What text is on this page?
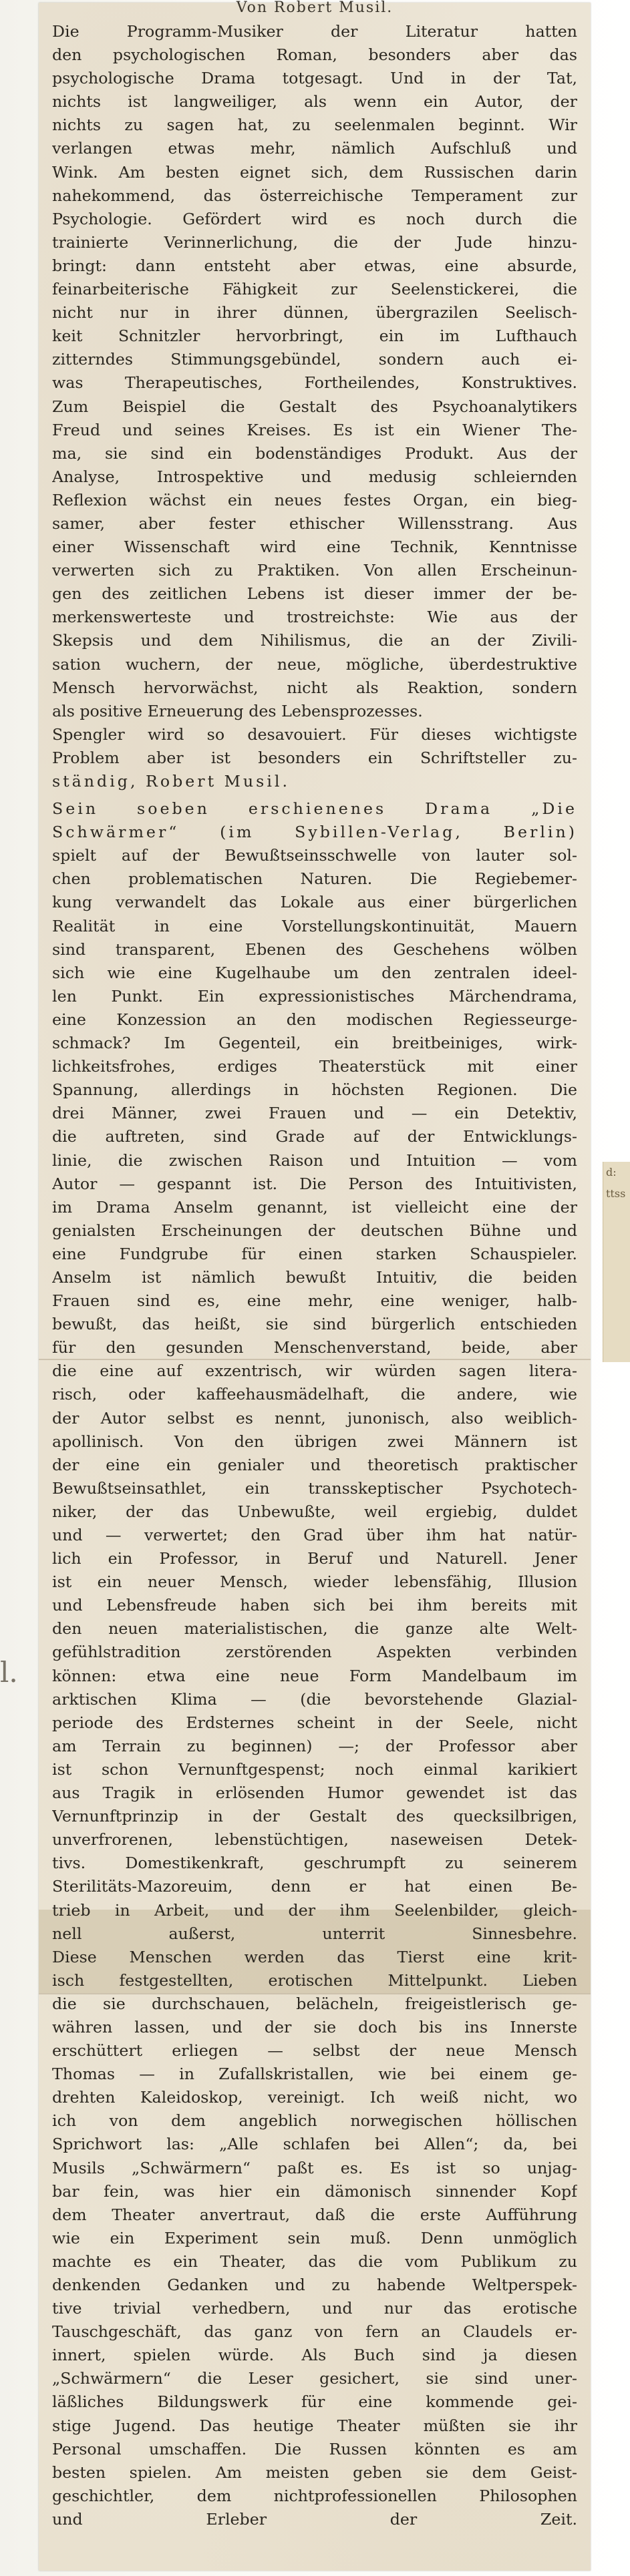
d:
ttss
l.
Von Robert Musil.
Die Programm-Musiker der Literatur hatten
den psychologischen Roman, besonders aber das
psychologische Drama totgesagt. Und in der Tat,
nichts ist langweiliger, als wenn ein Autor, der
nichts zu sagen hat, zu seelenmalen beginnt. Wir
verlangen etwas mehr, nämlich Aufschluß und
Wink. Am besten eignet sich, dem Russischen darin
nahekommend, das österreichische Temperament zur
Psychologie. Gefördert wird es noch durch die
trainierte Verinnerlichung, die der Jude hinzu-
bringt: dann entsteht aber etwas, eine absurde,
feinarbeiterische Fähigkeit zur Seelenstickerei, die
nicht nur in ihrer dünnen, übergrazilen Seelisch-
keit Schnitzler hervorbringt, ein im Lufthauch
zitterndes Stimmungsgebündel, sondern auch ei-
was Therapeutisches, Fortheilendes, Konstruktives.
Zum Beispiel die Gestalt des Psychoanalytikers
Freud und seines Kreises. Es ist ein Wiener The-
ma, sie sind ein bodenständiges Produkt. Aus der
Analyse, Introspektive und medusig schleiernden
Reflexion wächst ein neues festes Organ, ein bieg-
samer, aber fester ethischer Willensstrang. Aus
einer Wissenschaft wird eine Technik, Kenntnisse
verwerten sich zu Praktiken. Von allen Erscheinun-
gen des zeitlichen Lebens ist dieser immer der be-
merkenswerteste und trostreichste: Wie aus der
Skepsis und dem Nihilismus, die an der Zivili-
sation wuchern, der neue, mögliche, überdestruktive
Mensch hervorwächst, nicht als Reaktion, sondern
als positive Erneuerung des Lebensprozesses.
Spengler wird so desavouiert. Für dieses wichtigste
Problem aber ist besonders ein Schriftsteller zu-
ständig, Robert Musil.
Sein soeben erschienenes Drama „Die
Schwärmer“ (im Sybillen-Verlag, Berlin)
spielt auf der Bewußtseinsschwelle von lauter sol-
chen problematischen Naturen. Die Regiebemer-
kung verwandelt das Lokale aus einer bürgerlichen
Realität in eine Vorstellungskontinuität, Mauern
sind transparent, Ebenen des Geschehens wölben
sich wie eine Kugelhaube um den zentralen ideel-
len Punkt. Ein expressionistisches Märchendrama,
eine Konzession an den modischen Regiesseurge-
schmack? Im Gegenteil, ein breitbeiniges, wirk-
lichkeitsfrohes, erdiges Theaterstück mit einer
Spannung, allerdings in höchsten Regionen. Die
drei Männer, zwei Frauen und — ein Detektiv,
die auftreten, sind Grade auf der Entwicklungs-
linie, die zwischen Raison und Intuition — vom
Autor — gespannt ist. Die Person des Intuitivisten,
im Drama Anselm genannt, ist vielleicht eine der
genialsten Erscheinungen der deutschen Bühne und
eine Fundgrube für einen starken Schauspieler.
Anselm ist nämlich bewußt Intuitiv, die beiden
Frauen sind es, eine mehr, eine weniger, halb-
bewußt, das heißt, sie sind bürgerlich entschieden
für den gesunden Menschenverstand, beide, aber
die eine auf exzentrisch, wir würden sagen litera-
risch, oder kaffeehausmädelhaft, die andere, wie
der Autor selbst es nennt, junonisch, also weiblich-
apollinisch. Von den übrigen zwei Männern ist
der eine ein genialer und theoretisch praktischer
Bewußtseinsathlet, ein transskeptischer Psychotech-
niker, der das Unbewußte, weil ergiebig, duldet
und — verwertet; den Grad über ihm hat natür-
lich ein Professor, in Beruf und Naturell. Jener
ist ein neuer Mensch, wieder lebensfähig, Illusion
und Lebensfreude haben sich bei ihm bereits mit
den neuen materialistischen, die ganze alte Welt-
gefühlstradition zerstörenden Aspekten verbinden
können: etwa eine neue Form Mandelbaum im
arktischen Klima — (die bevorstehende Glazial-
periode des Erdsternes scheint in der Seele, nicht
am Terrain zu beginnen) —; der Professor aber
ist schon Vernunftgespenst; noch einmal karikiert
aus Tragik in erlösenden Humor gewendet ist das
Vernunftprinzip in der Gestalt des quecksilbrigen,
unverfrorenen, lebenstüchtigen, naseweisen Detek-
tivs. Domestikenkraft, geschrumpft zu seinerem
Sterilitäts-Mazoreuim, denn er hat einen Be-
trieb in Arbeit, und der ihm Seelenbilder, gleich-
nell außerst, unterrit Sinnesbehre.
Diese Menschen werden das Tierst eine krit-
isch festgestellten, erotischen Mittelpunkt. Lieben
die sie durchschauen, belächeln, freigeistlerisch ge-
währen lassen, und der sie doch bis ins Innerste
erschüttert erliegen — selbst der neue Mensch
Thomas — in Zufallskristallen, wie bei einem ge-
drehten Kaleidoskop, vereinigt. Ich weiß nicht, wo
ich von dem angeblich norwegischen höllischen
Sprichwort las: „Alle schlafen bei Allen“; da, bei
Musils „Schwärmern“ paßt es. Es ist so unjag-
bar fein, was hier ein dämonisch sinnender Kopf
dem Theater anvertraut, daß die erste Aufführung
wie ein Experiment sein muß. Denn unmöglich
machte es ein Theater, das die vom Publikum zu
denkenden Gedanken und zu habende Weltperspek-
tive trivial verhedbern, und nur das erotische
Tauschgeschäft, das ganz von fern an Claudels er-
innert, spielen würde. Als Buch sind ja diesen
„Schwärmern“ die Leser gesichert, sie sind uner-
läßliches Bildungswerk für eine kommende gei-
stige Jugend. Das heutige Theater müßten sie ihr
Personal umschaffen. Die Russen könnten es am
besten spielen. Am meisten geben sie dem Geist-
geschichtler, dem nichtprofessionellen Philosophen
und Erleber der Zeit.
